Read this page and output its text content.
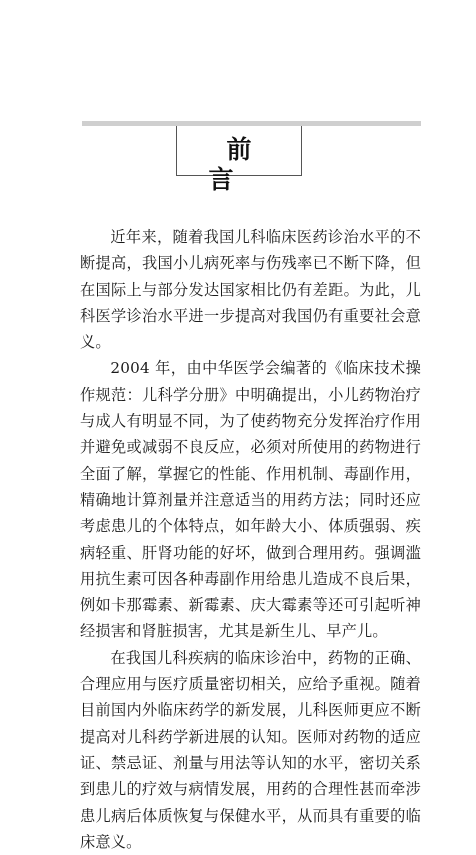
前 言

近年来，随着我国儿科临床医药诊治水平的不断提高，我国小儿病死率与伤残率已不断下降，但在国际上与部分发达国家相比仍有差距。为此，儿科医学诊治水平进一步提高对我国仍有重要社会意义。

2004 年，由中华医学会编著的《临床技术操作规范：儿科学分册》中明确提出，小儿药物治疗与成人有明显不同，为了使药物充分发挥治疗作用并避免或减弱不良反应，必须对所使用的药物进行全面了解，掌握它的性能、作用机制、毒副作用，精确地计算剂量并注意适当的用药方法；同时还应考虑患儿的个体特点，如年龄大小、体质强弱、疾病轻重、肝肾功能的好坏，做到合理用药。强调滥用抗生素可因各种毒副作用给患儿造成不良后果，例如卡那霉素、新霉素、庆大霉素等还可引起听神经损害和肾脏损害，尤其是新生儿、早产儿。

在我国儿科疾病的临床诊治中，药物的正确、合理应用与医疗质量密切相关，应给予重视。随着目前国内外临床药学的新发展，儿科医师更应不断提高对儿科药学新进展的认知。医师对药物的适应证、禁忌证、剂量与用法等认知的水平，密切关系到患儿的疗效与病情发展，用药的合理性甚而牵涉患儿病后体质恢复与保健水平，从而具有重要的临床意义。
